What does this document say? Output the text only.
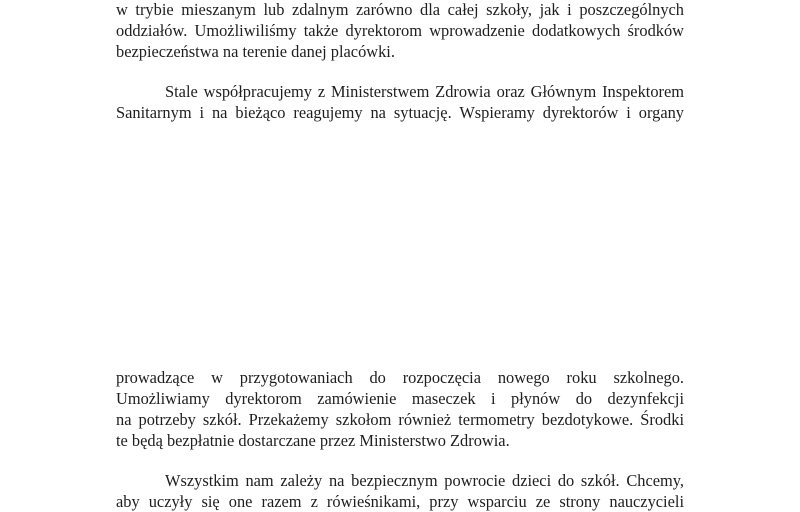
w trybie mieszanym lub zdalnym zarówno dla całej szkoły, jak i poszczególnych
oddziałów. Umożliwiliśmy także dyrektorom wprowadzenie dodatkowych środków
bezpieczeństwa na terenie danej placówki.

Stale współpracujemy z Ministerstwem Zdrowia oraz Głównym Inspektorem
Sanitarnym i na bieżąco reagujemy na sytuację. Wspieramy dyrektorów i organy

prowadzące w przygotowaniach do rozpoczęcia nowego roku szkolnego.
Umożliwiamy dyrektorom zamówienie maseczek i płynów do dezynfekcji
na potrzeby szkół. Przekażemy szkołom również termometry bezdotykowe. Środki
te będą bezpłatnie dostarczane przez Ministerstwo Zdrowia.

Wszystkim nam zależy na bezpiecznym powrocie dzieci do szkół. Chcemy,
aby uczyły się one razem z rówieśnikami, przy wsparciu ze strony nauczycieli
